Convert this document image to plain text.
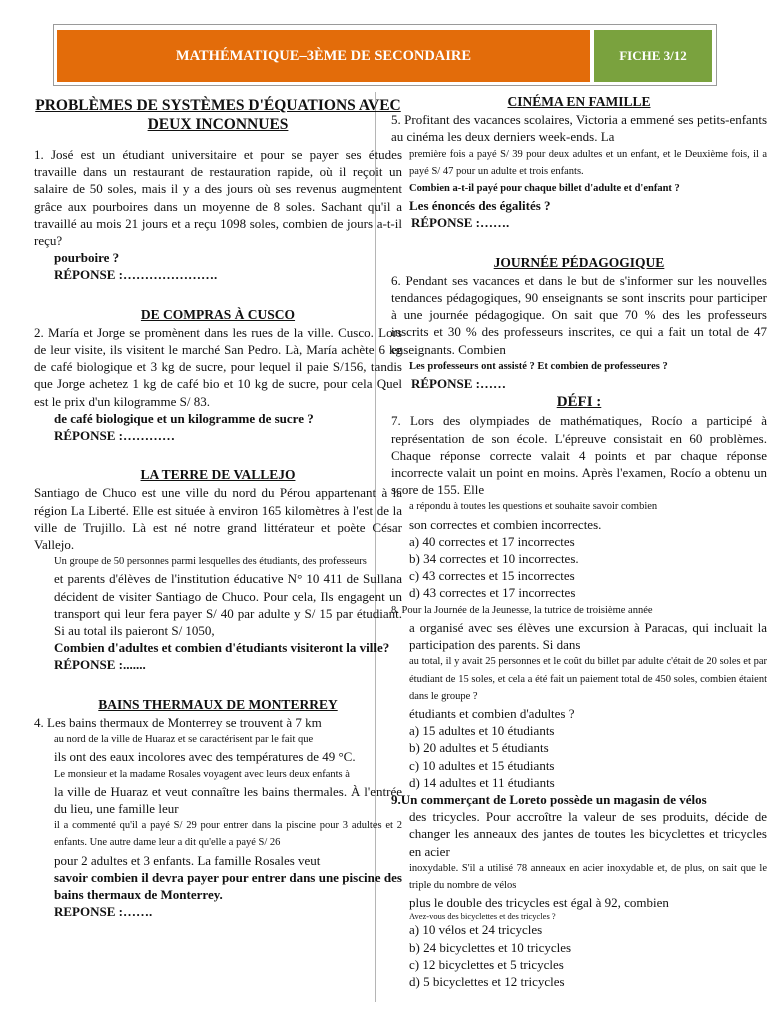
MATHÉMATIQUE–3ÈME DE SECONDAIRE	FICHE 3/12
PROBLÈMES DE SYSTÈMES D'ÉQUATIONS AVEC DEUX INCONNUES
1. José est un étudiant universitaire et pour se payer ses études travaille dans un restaurant de restauration rapide, où il reçoit un salaire de 50 soles, mais il y a des jours où ses revenus augmentent grâce aux pourboires dans un moyenne de 8 soles. Sachant qu'il a travaillé au mois 21 jours et a reçu 1098 soles, combien de jours a-t-il reçu?
pourboire ?
RÉPONSE :………………….
DE COMPRAS À CUSCO
2. María et Jorge se promènent dans les rues de la ville. Cusco. Lors de leur visite, ils visitent le marché San Pedro. Là, María achète 6 kg de café biologique et 3 kg de sucre, pour lequel il paie S/156, tandis que Jorge achetez 1 kg de café bio et 10 kg de sucre, pour cela Quel est le prix d'un kilogramme S/ 83.
de café biologique et un kilogramme de sucre ?
RÉPONSE :…………
LA TERRE DE VALLEJO
Santiago de Chuco est une ville du nord du Pérou appartenant à la région La Liberté. Elle est située à environ 165 kilomètres à l'est de la ville de Trujillo. Là est né notre grand littérateur et poète César Vallejo.
Un groupe de 50 personnes parmi lesquelles des étudiants, des professeurs
et parents d'élèves de l'institution éducative N° 10 411 de Sullana décident de visiter Santiago de Chuco. Pour cela, Ils engagent un transport qui leur fera payer S/ 40 par adulte y S/ 15 par étudiant. Si au total ils paieront S/ 1050,
Combien d'adultes et combien d'étudiants visiteront la ville?
RÉPONSE :.......
BAINS THERMAUX DE MONTERREY
4. Les bains thermaux de Monterrey se trouvent à 7 km
au nord de la ville de Huaraz et se caractérisent par le fait que
ils ont des eaux incolores avec des températures de 49 °C.
Le monsieur et la madame Rosales voyagent avec leurs deux enfants à
la ville de Huaraz et veut connaître les bains thermales. À l'entrée du lieu, une famille leur
il a commenté qu'il a payé S/ 29 pour entrer dans la piscine pour 3 adultes et 2 enfants. Une autre dame leur a dit qu'elle a payé S/ 26
pour 2 adultes et 3 enfants. La famille Rosales veut
savoir combien il devra payer pour entrer dans une piscine des bains thermaux de Monterrey.
REPONSE :…….
CINÉMA EN FAMILLE
5. Profitant des vacances scolaires, Victoria a emmené ses petits-enfants au cinéma les deux derniers week-ends. La
première fois a payé S/ 39 pour deux adultes et un enfant, et le Deuxième fois, il a payé S/ 47 pour un adulte et trois enfants.
Combien a-t-il payé pour chaque billet d'adulte et d'enfant ?
Les énoncés des égalités ?
RÉPONSE :…….
JOURNÉE PÉDAGOGIQUE
6. Pendant ses vacances et dans le but de s'informer sur les nouvelles tendances pédagogiques, 90 enseignants se sont inscrits pour participer à une journée pédagogique. On sait que 70 % des les professeurs inscrits et 30 % des professeurs inscrites, ce qui a fait un total de 47 enseignants. Combien
Les professeurs ont assisté ? Et combien de professeures ?
RÉPONSE :……
DÉFI :
7. Lors des olympiades de mathématiques, Rocío a participé à représentation de son école. L'épreuve consistait en 60 problèmes. Chaque réponse correcte valait 4 points et par chaque réponse incorrecte valait un point en moins. Après l'examen, Rocío a obtenu un score de 155. Elle
a répondu à toutes les questions et souhaite savoir combien
son correctes et combien incorrectes.
a) 40 correctes et 17 incorrectes
b) 34 correctes et 10 incorrectes.
c) 43 correctes et 15 incorrectes
d) 43 correctes et 17 incorrectes
8. Pour la Journée de la Jeunesse, la tutrice de troisième année
a organisé avec ses élèves une excursion à Paracas, qui incluait la participation des parents. Si dans
au total, il y avait 25 personnes et le coût du billet par adulte c'était de 20 soles et par étudiant de 15 soles, et cela a été fait un paiement total de 450 soles, combien étaient dans le groupe ?
étudiants et combien d'adultes ?
a) 15 adultes et 10 étudiants
b) 20 adultes et 5 étudiants
c) 10 adultes et 15 étudiants
d) 14 adultes et 11 étudiants
9.Un commerçant de Loreto possède un magasin de vélos
des tricycles. Pour accroître la valeur de ses produits, décide de changer les anneaux des jantes de toutes les bicyclettes et tricycles en acier
inoxydable. S'il a utilisé 78 anneaux en acier inoxydable et, de plus, on sait que le triple du nombre de vélos
plus le double des tricycles est égal à 92, combien
Avez-vous des bicyclettes et des tricycles ?
a) 10 vélos et 24 tricycles
b) 24 bicyclettes et 10 tricycles
c) 12 bicyclettes et 5 tricycles
d) 5 bicyclettes et 12 tricycles
